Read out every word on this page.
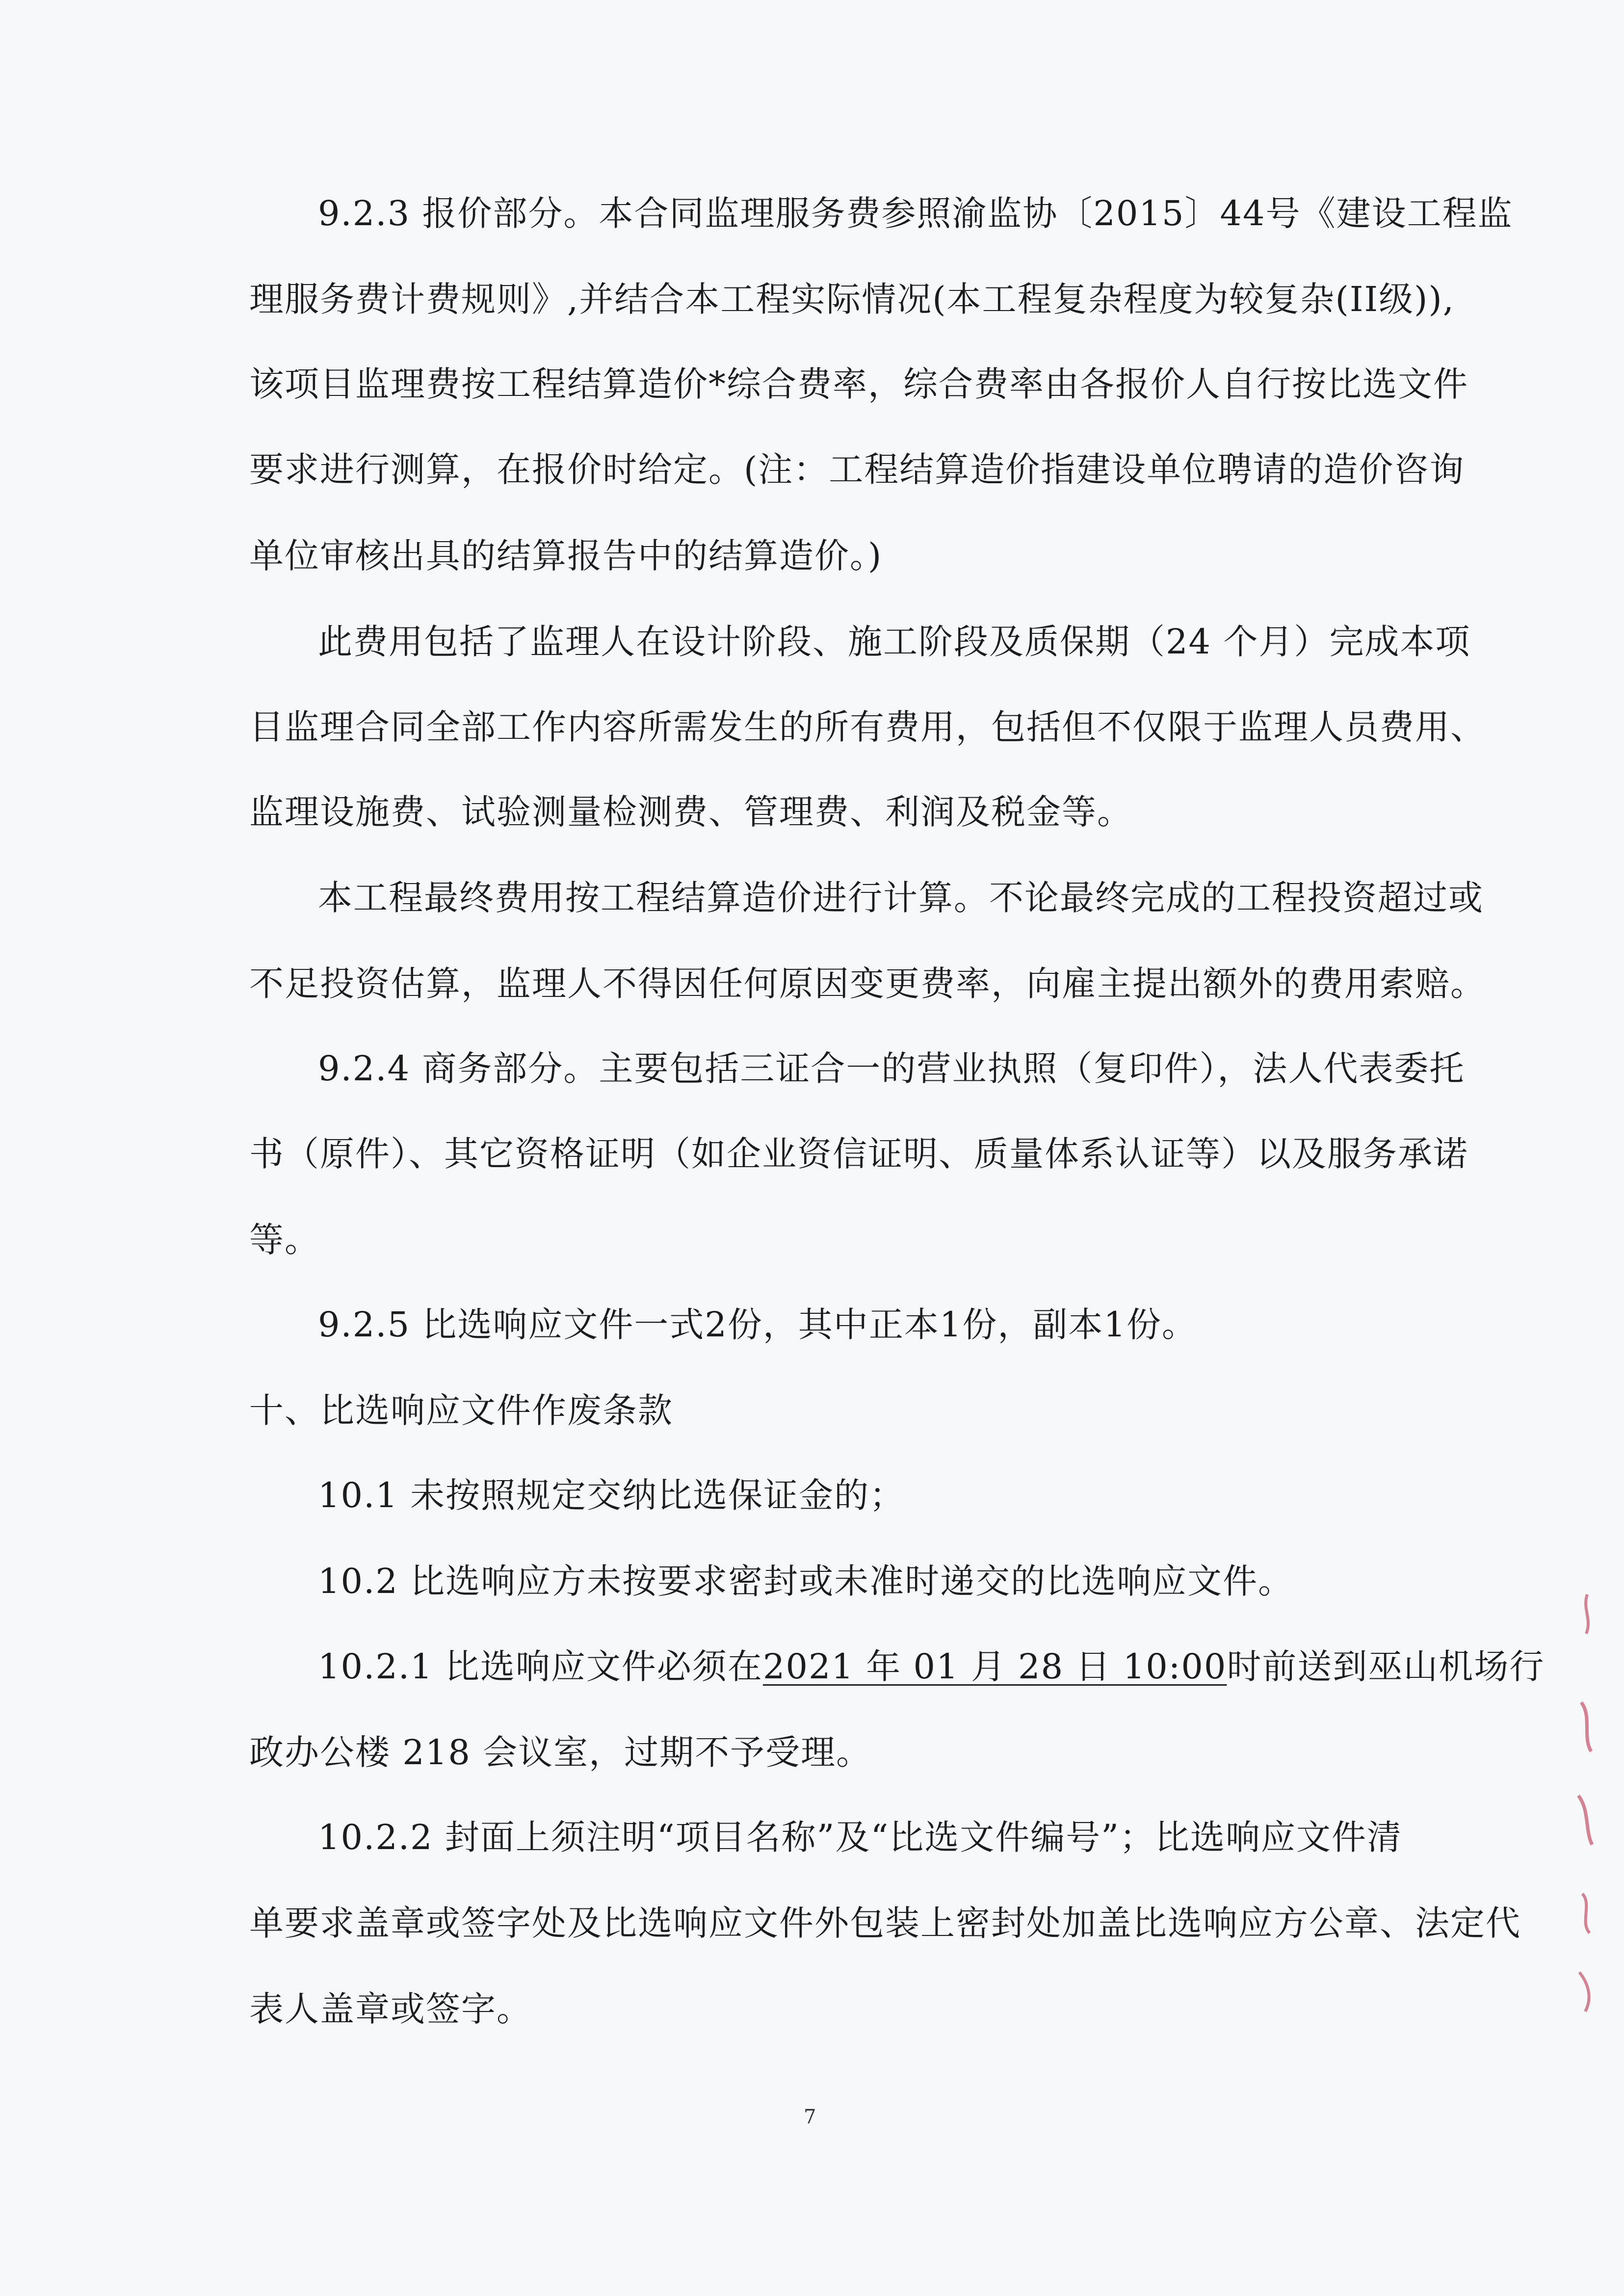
9.2.3 报价部分。本合同监理服务费参照渝监协〔2015〕44号《建设工程监
理服务费计费规则》,并结合本工程实际情况(本工程复杂程度为较复杂(II级)),
该项目监理费按工程结算造价*综合费率，综合费率由各报价人自行按比选文件
要求进行测算，在报价时给定。(注：工程结算造价指建设单位聘请的造价咨询
单位审核出具的结算报告中的结算造价。)
此费用包括了监理人在设计阶段、施工阶段及质保期（24 个月）完成本项
目监理合同全部工作内容所需发生的所有费用，包括但不仅限于监理人员费用、
监理设施费、试验测量检测费、管理费、利润及税金等。
本工程最终费用按工程结算造价进行计算。不论最终完成的工程投资超过或
不足投资估算，监理人不得因任何原因变更费率，向雇主提出额外的费用索赔。
9.2.4 商务部分。主要包括三证合一的营业执照（复印件），法人代表委托
书（原件）、其它资格证明（如企业资信证明、质量体系认证等）以及服务承诺
等。
9.2.5 比选响应文件一式2份，其中正本1份，副本1份。
十、比选响应文件作废条款
10.1 未按照规定交纳比选保证金的；
10.2 比选响应方未按要求密封或未准时递交的比选响应文件。
10.2.1 比选响应文件必须在2021 年 01 月 28 日 10:00时前送到巫山机场行
政办公楼 218 会议室，过期不予受理。
10.2.2 封面上须注明“项目名称”及“比选文件编号”；比选响应文件清
单要求盖章或签字处及比选响应文件外包装上密封处加盖比选响应方公章、法定代
表人盖章或签字。
7
